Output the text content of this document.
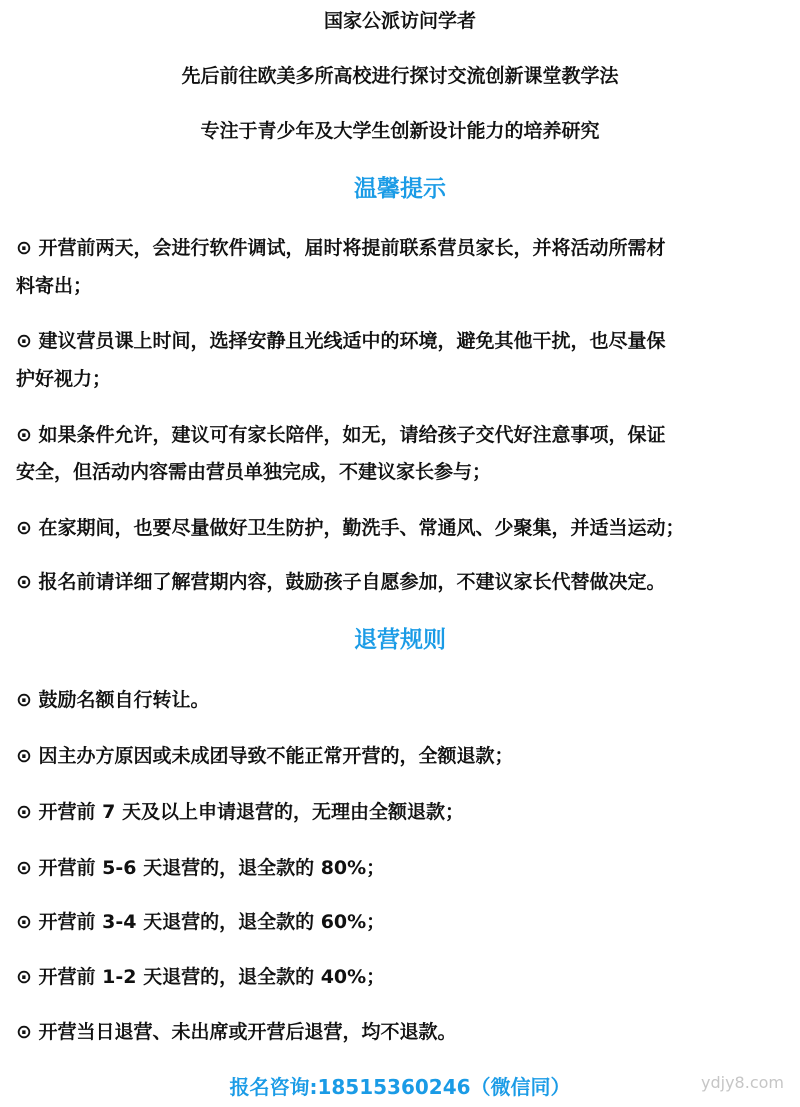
国家公派访问学者
先后前往欧美多所高校进行探讨交流创新课堂教学法
专注于青少年及大学生创新设计能力的培养研究
温馨提示
⊙ 开营前两天，会进行软件调试，届时将提前联系营员家长，并将活动所需材
料寄出；
⊙ 建议营员课上时间，选择安静且光线适中的环境，避免其他干扰，也尽量保
护好视力；
⊙ 如果条件允许，建议可有家长陪伴，如无，请给孩子交代好注意事项，保证
安全，但活动内容需由营员单独完成，不建议家长参与；
⊙ 在家期间，也要尽量做好卫生防护，勤洗手、常通风、少聚集，并适当运动；
⊙ 报名前请详细了解营期内容，鼓励孩子自愿参加，不建议家长代替做决定。
退营规则
⊙ 鼓励名额自行转让。
⊙ 因主办方原因或未成团导致不能正常开营的，全额退款；
⊙ 开营前 7 天及以上申请退营的，无理由全额退款；
⊙ 开营前 5-6 天退营的，退全款的 80%；
⊙ 开营前 3-4 天退营的，退全款的 60%；
⊙ 开营前 1-2 天退营的，退全款的 40%；
⊙ 开营当日退营、未出席或开营后退营，均不退款。
报名咨询:18515360246（微信同）	ydjy8.com
